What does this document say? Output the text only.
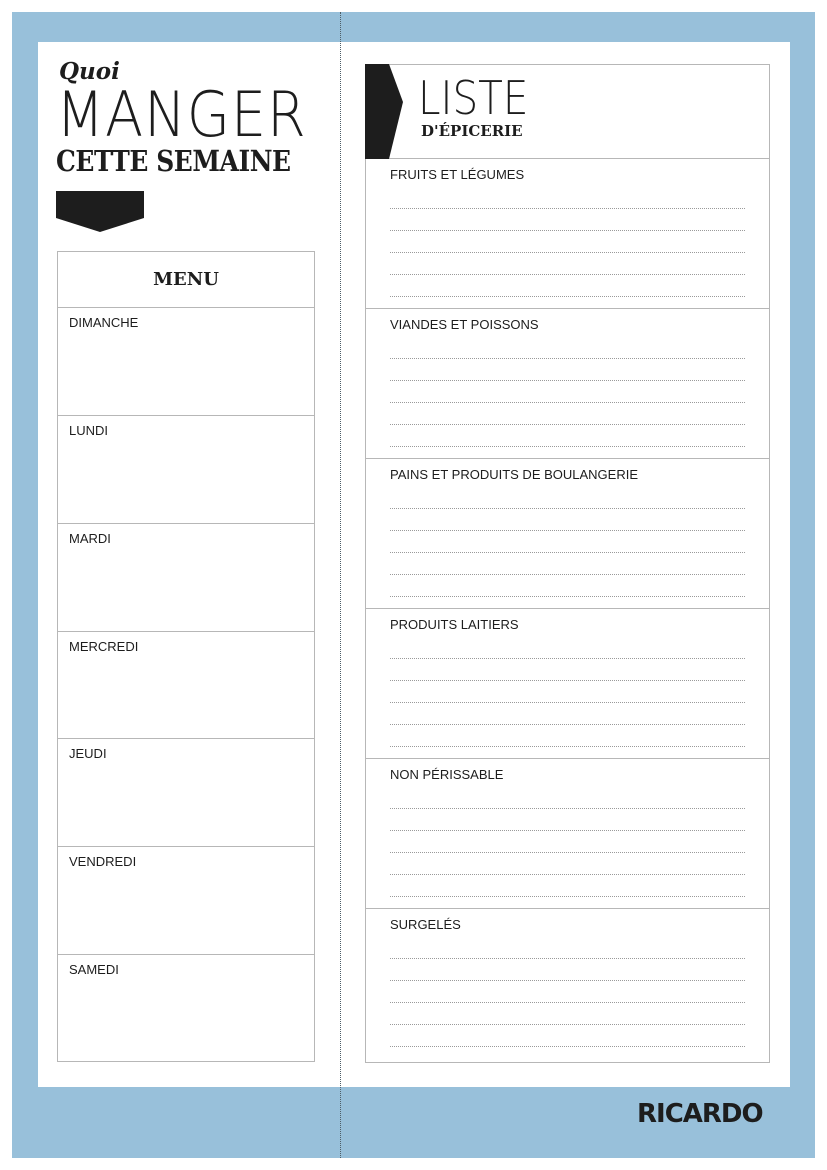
Quoi
MANGER
CETTE SEMAINE
MENU
DIMANCHE
LUNDI
MARDI
MERCREDI
JEUDI
VENDREDI
SAMEDI
LISTE
D'ÉPICERIE

FRUITS ET LÉGUMES

VIANDES ET POISSONS

PAINS ET PRODUITS DE BOULANGERIE

PRODUITS LAITIERS

NON PÉRISSABLE

SURGELÉS

RICARDO
